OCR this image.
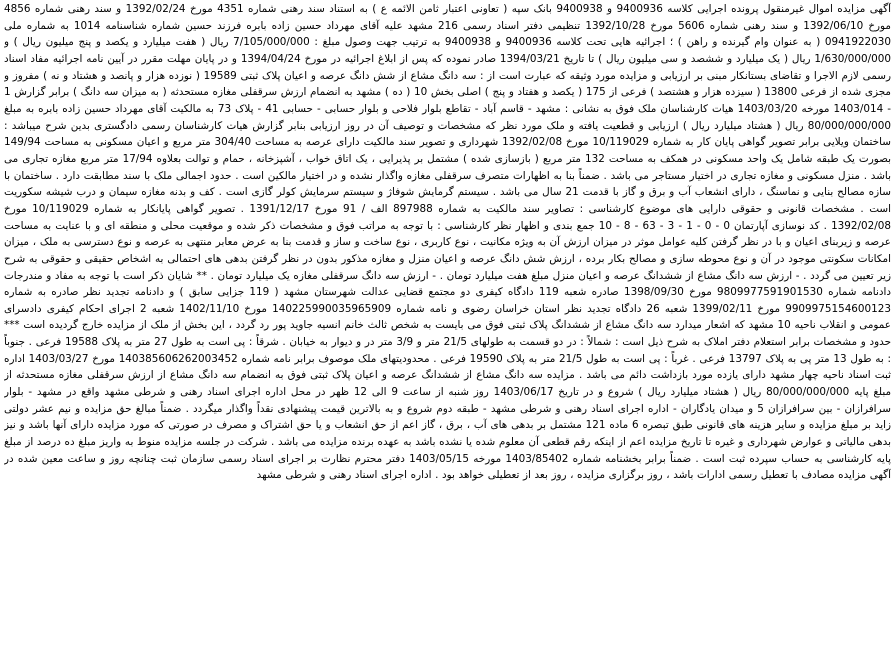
آگهی مزایده اموال غیرمنقول پرونده اجرایی کلاسه 9400936 و 9400938 بانک سپه ( تعاونی اعتبار ثامن الائمه ع ) به استناد سند رهنی شماره 4351 مورخ 1392/02/24 و سند رهنی شماره 4856 مورخ 1392/06/10 و سند رهنی شماره 5606 مورخ 1392/10/28 تنظیمی دفتر اسناد رسمی 216 مشهد علیه آقای مهرداد حسین زاده بابره فرزند حسین شماره شناسنامه 1014 به شماره ملی 0941922030 ( به عنوان وام گیرنده و راهن ) ؛ اجرائیه هایی تحت کلاسه 9400936 و 9400938 به ترتیب جهت وصول مبلغ : 7/105/000/000 ریال ( هفت میلیارد و یکصد و پنج میلیون ریال ) و 1/630/000/000 ریال ( یک میلیارد و ششصد و سی میلیون ریال ) تا تاریخ 1394/03/21 صادر نموده که پس از ابلاغ اجرائیه در مورخ 1394/04/24 و در پایان مهلت مقرر در آیین نامه اجرائیه مفاد اسناد رسمی لازم الاجرا و تقاضای بستانکار مبنی بر ارزیابی و مزایده مورد وثیقه که عبارت است از : سه دانگ مشاع از شش دانگ عرصه و اعیان پلاک ثبتی 19589 ( نوزده هزار و پانصد و هشتاد و نه ) مفروز و مجزی شده از فرعی 13800 ( سیزده هزار و هشتصد ) فرعی از 175 ( یکصد و هفتاد و پنج ) اصلی بخش 10 ( ده ) مشهد به انضمام ارزش سرقفلی مغازه مستحدثه ( به میزان سه دانگ ) برابر گزارش 1 - 1403/014 مورخه 1403/03/20 هیات کارشناسان ملک فوق به نشانی : مشهد - قاسم آباد - تقاطع بلوار فلاحی و بلوار حسابی - حسابی 41 - پلاک 73 به مالکیت آقای مهرداد حسین زاده بابره به مبلغ 80/000/000/000 ریال ( هشتاد میلیارد ریال ) ارزیابی و قطعیت یافته و ملک مورد نظر که مشخصات و توصیف آن در روز ارزیابی بنابر گزارش هیات کارشناسان رسمی دادگستری بدین شرح میباشد : ساختمان ویلایی برابر تصویر گواهی پایان کار به شماره 10/119029 مورخ 1392/02/08 شهرداری و تصویر سند مالکیت دارای عرصه به مساحت 304/40 متر مربع و اعیان مسکونی به مساحت 149/94 بصورت یک طبقه شامل یک واحد مسکونی در همکف به مساحت 132 متر مربع ( بازسازی شده ) مشتمل بر پذیرایی ، یک اتاق خواب ، آشپزخانه ، حمام و توالت بعلاوه 17/94 متر مربع مغازه تجاری می باشد . منزل مسکونی و مغازه تجاری در اختیار مستاجر می باشد . ضمناً بنا به اظهارات متصرف سرقفلی مغازه واگذار نشده و در اختیار مالکین است . حدود اجمالی ملک با سند مطابقت دارد . ساختمان با سازه مصالح بنایی و نماسنگ ، دارای انشعاب آب و برق و گاز با قدمت 21 سال می باشد . سیستم گرمایش شوفاژ و سیستم سرمایش کولر گازی است . کف و بدنه مغازه سیمان و درب شیشه سکوریت است . مشخصات قانونی و حقوقی دارایی های موضوع کارشناسی : تصاویر سند مالکیت به شماره 897988 الف / 91 مورخ 1391/12/17 . تصویر گواهی پایانکار به شماره 10/119029 مورخ 1392/02/08 . کد نوسازی آپارتمان 0 - 0 - 1 - 3 - 63 - 8 - 10 جمع بندی و اظهار نظر کارشناسی : با توجه به مراتب فوق و مشخصات ذکر شده و موقعیت محلی و منطقه ای و با عنایت به مساحت عرصه و زیربنای اعیان و با در نظر گرفتن کلیه عوامل موثر در میزان ارزش آن به ویژه مکانیت ، نوع کاربری ، نوع ساخت و ساز و قدمت بنا به عرض معابر منتهی به عرصه و نوع دسترسی به ملک ، میزان امکانات سکونتی موجود در آن و نوع محوطه سازی و مصالح بکار برده ، ارزش شش دانگ عرصه و اعیان منزل و مغازه مذکور بدون در نظر گرفتن بدهی های احتمالی به اشخاص حقیقی و حقوقی به شرح زیر تعیین می گردد . - ارزش سه دانگ مشاع از ششدانگ عرصه و اعیان منزل مبلغ هفت میلیارد تومان . - ارزش سه دانگ سرقفلی مغازه یک میلیارد تومان . ** شایان ذکر است با توجه به مفاد و مندرجات دادنامه شماره 9809977591901530 مورخ 1398/09/30 صادره شعبه 119 دادگاه کیفری دو مجتمع قضایی عدالت شهرستان مشهد ( 119 جزایی سابق ) و دادنامه تجدید نظر صادره به شماره 9909975154600123 مورخ 1399/02/11 شعبه 26 دادگاه تجدید نظر استان خراسان رضوی و نامه شماره 140225990035965909 مورخ 1402/11/10 شعبه 2 اجرای احکام کیفری دادسرای عمومی و انقلاب ناحیه 10 مشهد که اشعار میدارد سه دانگ مشاع از ششدانگ پلاک ثبتی فوق می بایست به شخص ثالث خانم انسیه جاوید پور رد گردد ، این بخش از ملک از مزایده خارج گردیده است *** حدود و مشخصات برابر استعلام دفتر املاک به شرح ذیل است : شمالاً : در دو قسمت به طولهای 21/5 متر و 3/9 متر در و دیوار به خیابان . شرقاً : پی است به طول 27 متر به پلاک 19588 فرعی . جنوباً : به طول 13 متر پی به پلاک 13797 فرعی . غرباً : پی است به طول 21/5 متر به پلاک 19590 فرعی . محدودیتهای ملک موصوف برابر نامه شماره 140385606262003452 مورخ 1403/03/27 اداره ثبت اسناد ناحیه چهار مشهد دارای یازده مورد بازداشت دائم می باشد . مزایده سه دانگ مشاع از ششدانگ عرصه و اعیان پلاک ثبتی فوق به انضمام سه دانگ مشاع از ارزش سرقفلی مغازه مستحدثه از مبلغ پایه 80/000/000/000 ریال ( هشتاد میلیارد ریال ) شروع و در تاریخ 1403/06/17 روز شنبه از ساعت 9 الی 12 ظهر در محل اداره اجرای اسناد رهنی و شرطی مشهد واقع در مشهد - بلوار سرافرازان - بین سرافرازان 5 و میدان یادگاران - اداره اجرای اسناد رهنی و شرطی مشهد - طبقه دوم شروع و به بالاترین قیمت پیشنهادی نقداً واگذار میگردد . ضمناً مبالغ حق مزایده و نیم عشر دولتی زاید بر مبلغ مزایده و سایر هزینه های قانونی طبق تبصره 6 ماده 121 مشتمل بر بدهی های آب ، برق ، گاز اعم از حق انشعاب و یا حق اشتراک و مصرف در صورتی که مورد مزایده دارای آنها باشد و نیز بدهی مالیاتی و عوارض شهرداری و غیره تا تاریخ مزایده اعم از اینکه رقم قطعی آن معلوم شده یا نشده باشد به عهده برنده مزایده می باشد . شرکت در جلسه مزایده منوط به واریز مبلغ ده درصد از مبلغ پایه کارشناسی به حساب سپرده ثبت است . ضمناً برابر بخشنامه شماره 1403/85402 مورخه 1403/05/15 دفتر محترم نظارت بر اجرای اسناد رسمی سازمان ثبت چنانچه روز و ساعت معین شده در آگهی مزایده مصادف با تعطیل رسمی ادارات باشد ، روز برگزاری مزایده ، روز بعد از تعطیلی خواهد بود . اداره اجرای اسناد رهنی و شرطی مشهد
